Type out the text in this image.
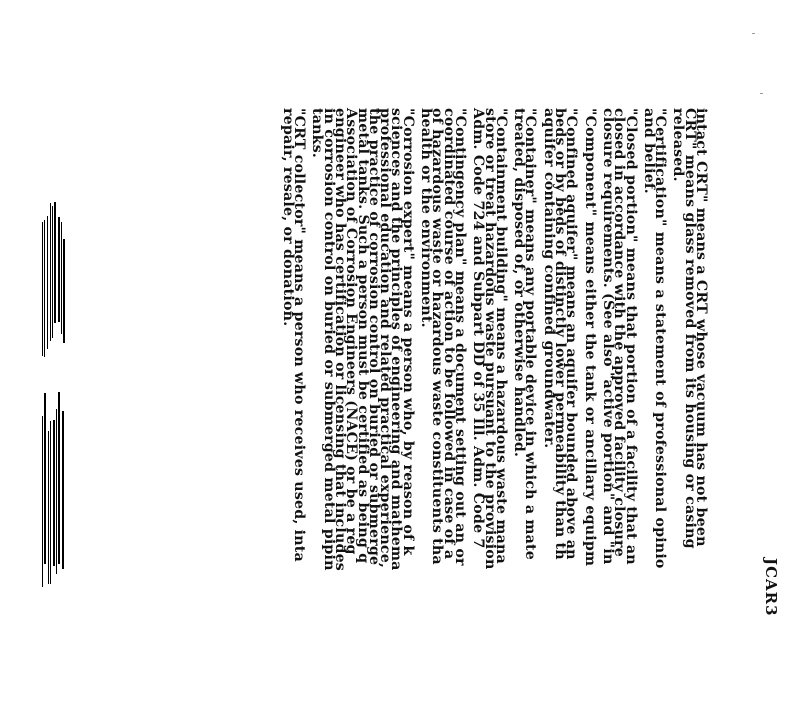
JCAR3
intact CRT" means a CRT whose vacuum has not been
CRT" means glass removed from its housing or casing
released.
"Certification" means a statement of professional opinio
and belief.
"Closed portion" means that portion of a facility that an
closed in accordance with the approved facility closure
closure requirements. (See also "active portion" and "in
"Component" means either the tank or ancillary equipm
"Confined aquifer" means an aquifer bounded above an
beds or by beds of distinctly lower permeability than th
aquifer containing confined groundwater.
"Container" means any portable device in which a mate
treated, disposed of, or otherwise handled.
"Containment building" means a hazardous waste mana
store or treat hazardous waste pursuant to the provision
Adm. Code 724 and Subpart DD of 35 Ill. Adm. Code 7
"Contingency plan" means a document setting out an or
coordinated course of action to be followed in case of a
of hazardous waste or hazardous waste constituents tha
health or the environment.
"Corrosion expert" means a person who, by reason of k
sciences and the principles of engineering and mathema
professional education and related practical experience,
the practice of corrosion control on buried or submerge
metal tanks. Such a person must be certified as being q
Association of Corrosion Engineers (NACE) or be a reg
engineer who has certification or licensing that includes
in corrosion control on buried or submerged metal pipin
tanks.
"CRT collector" means a person who receives used, inta
repair, resale, or donation.
